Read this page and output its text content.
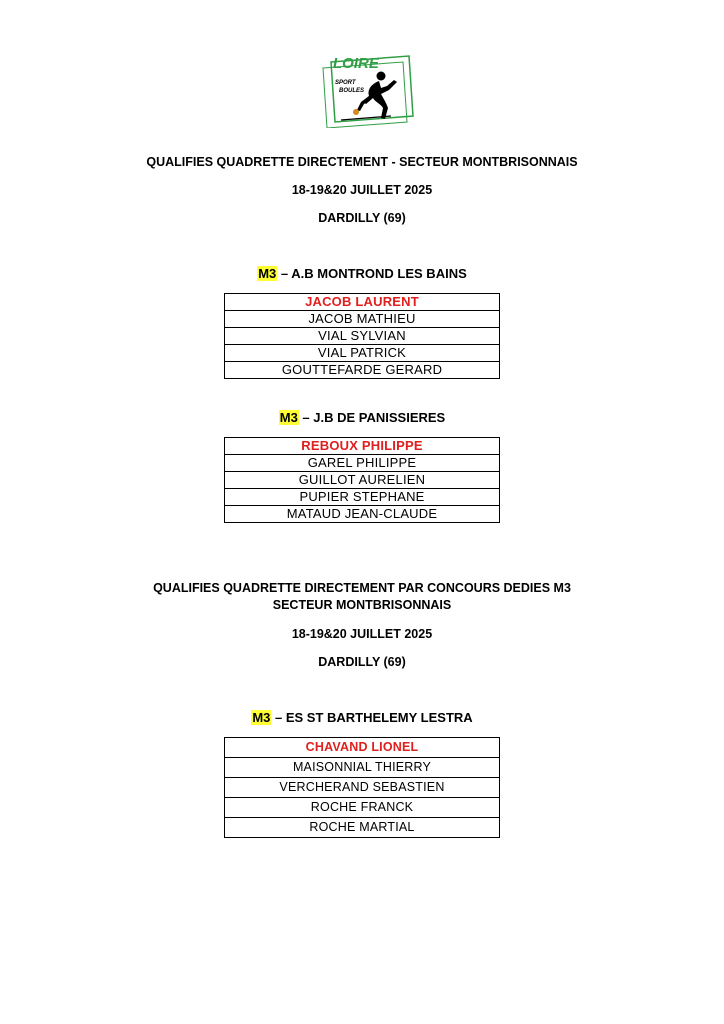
LOIRE
SPORT
BOULES
QUALIFIES QUADRETTE DIRECTEMENT - SECTEUR MONTBRISONNAIS
18-19&20 JUILLET 2025
DARDILLY (69)
M3 – A.B MONTROND LES BAINS
JACOB LAURENT
JACOB MATHIEU
VIAL SYLVIAN
VIAL PATRICK
GOUTTEFARDE GERARD
M3 – J.B DE PANISSIERES
REBOUX PHILIPPE
GAREL PHILIPPE
GUILLOT AURELIEN
PUPIER STEPHANE
MATAUD JEAN-CLAUDE
QUALIFIES QUADRETTE DIRECTEMENT PAR CONCOURS DEDIES M3
SECTEUR MONTBRISONNAIS
18-19&20 JUILLET 2025
DARDILLY (69)
M3 – ES ST BARTHELEMY LESTRA
CHAVAND LIONEL
MAISONNIAL THIERRY
VERCHERAND SEBASTIEN
ROCHE FRANCK
ROCHE MARTIAL
